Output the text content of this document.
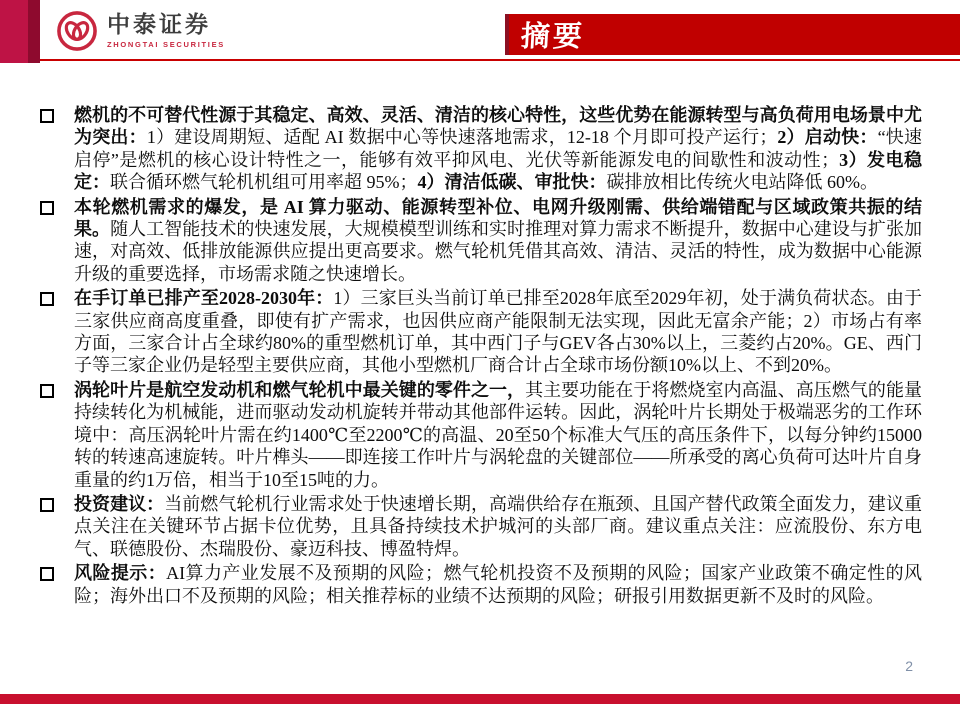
中泰证券
ZHONGTAI SECURITIES	摘要
燃机的不可替代性源于其稳定、高效、灵活、清洁的核心特性，这些优势在能源转型与高负荷用电场景中尤为突出：1）建设周期短、适配 AI 数据中心等快速落地需求，12-18 个月即可投产运行；2）启动快：“快速启停”是燃机的核心设计特性之一，能够有效平抑风电、光伏等新能源发电的间歇性和波动性；3）发电稳定：联合循环燃气轮机机组可用率超 95%；4）清洁低碳、审批快：碳排放相比传统火电站降低 60%。
本轮燃机需求的爆发，是 AI 算力驱动、能源转型补位、电网升级刚需、供给端错配与区域政策共振的结果。随人工智能技术的快速发展，大规模模型训练和实时推理对算力需求不断提升，数据中心建设与扩张加速，对高效、低排放能源供应提出更高要求。燃气轮机凭借其高效、清洁、灵活的特性，成为数据中心能源升级的重要选择，市场需求随之快速增长。
在手订单已排产至2028-2030年：1）三家巨头当前订单已排至2028年底至2029年初，处于满负荷状态。由于三家供应商高度重叠，即使有扩产需求，也因供应商产能限制无法实现，因此无富余产能；2）市场占有率方面，三家合计占全球约80%的重型燃机订单，其中西门子与GEV各占30%以上，三菱约占20%。GE、西门子等三家企业仍是轻型主要供应商，其他小型燃机厂商合计占全球市场份额10%以上、不到20%。
涡轮叶片是航空发动机和燃气轮机中最关键的零件之一，其主要功能在于将燃烧室内高温、高压燃气的能量持续转化为机械能，进而驱动发动机旋转并带动其他部件运转。因此，涡轮叶片长期处于极端恶劣的工作环境中：高压涡轮叶片需在约1400℃至2200℃的高温、20至50个标准大气压的高压条件下，以每分钟约15000转的转速高速旋转。叶片榫头——即连接工作叶片与涡轮盘的关键部位——所承受的离心负荷可达叶片自身重量的约1万倍，相当于10至15吨的力。
投资建议：当前燃气轮机行业需求处于快速增长期，高端供给存在瓶颈、且国产替代政策全面发力，建议重点关注在关键环节占据卡位优势，且具备持续技术护城河的头部厂商。建议重点关注：应流股份、东方电气、联德股份、杰瑞股份、豪迈科技、博盈特焊。
风险提示：AI算力产业发展不及预期的风险；燃气轮机投资不及预期的风险；国家产业政策不确定性的风险；海外出口不及预期的风险；相关推荐标的业绩不达预期的风险；研报引用数据更新不及时的风险。
2
